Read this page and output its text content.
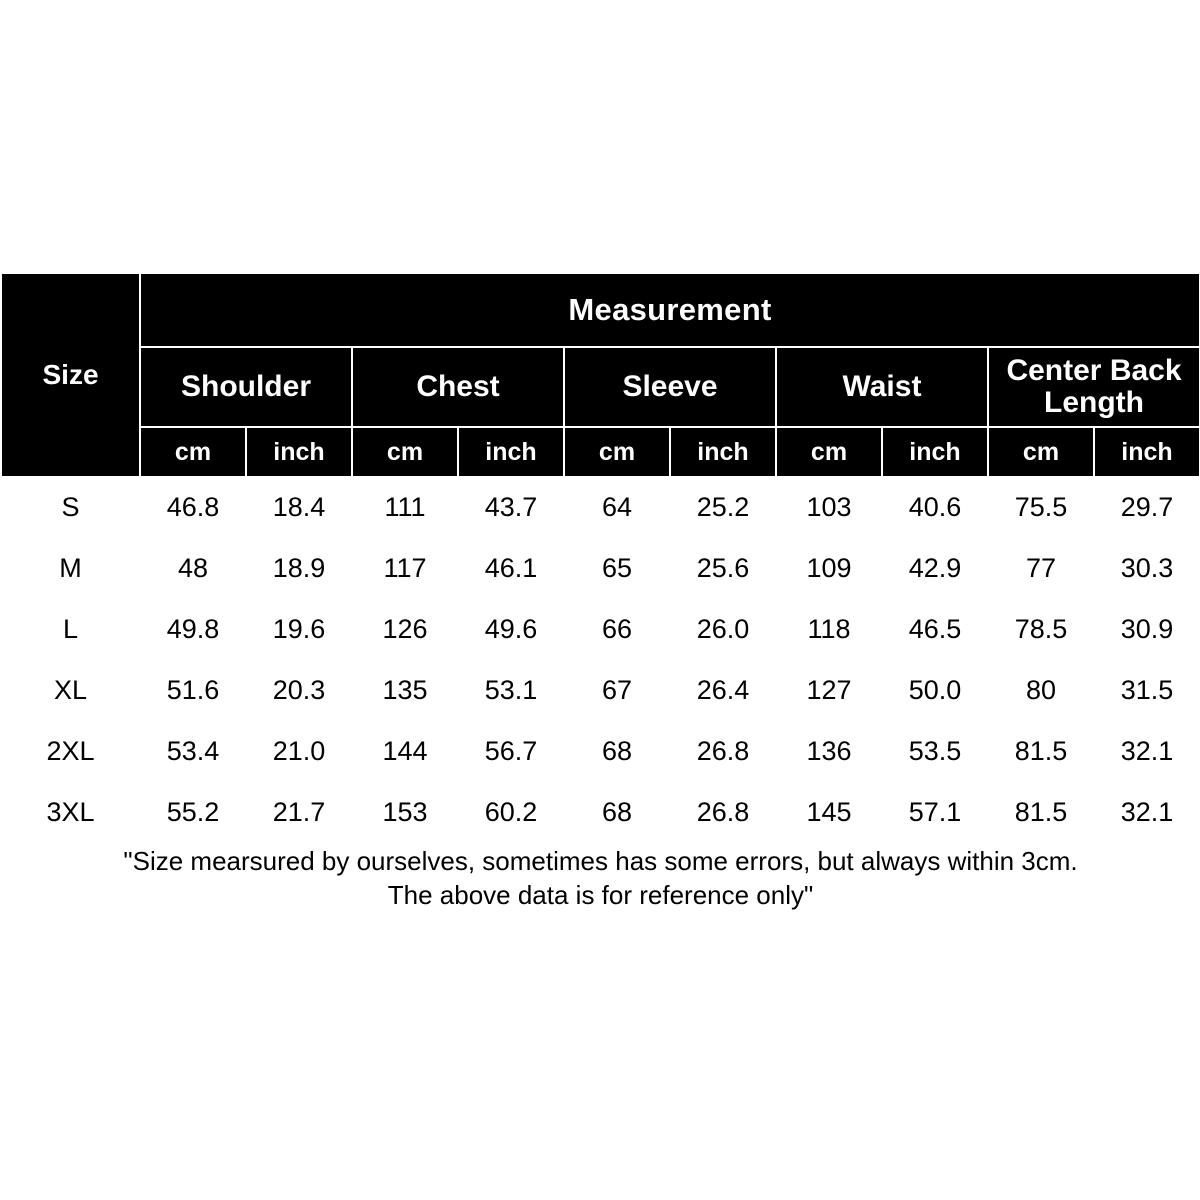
Size	Measurement									
	Shoulder		Chest		Sleeve		Waist		Center Back Length	
	cm	inch	cm	inch	cm	inch	cm	inch	cm	inch
S	46.8	18.4	111	43.7	64	25.2	103	40.6	75.5	29.7
M	48	18.9	117	46.1	65	25.6	109	42.9	77	30.3
L	49.8	19.6	126	49.6	66	26.0	118	46.5	78.5	30.9
XL	51.6	20.3	135	53.1	67	26.4	127	50.0	80	31.5
2XL	53.4	21.0	144	56.7	68	26.8	136	53.5	81.5	32.1
3XL	55.2	21.7	153	60.2	68	26.8	145	57.1	81.5	32.1

"Size mearsured by ourselves, sometimes has some errors, but always within 3cm.
The above data is for reference only"										
